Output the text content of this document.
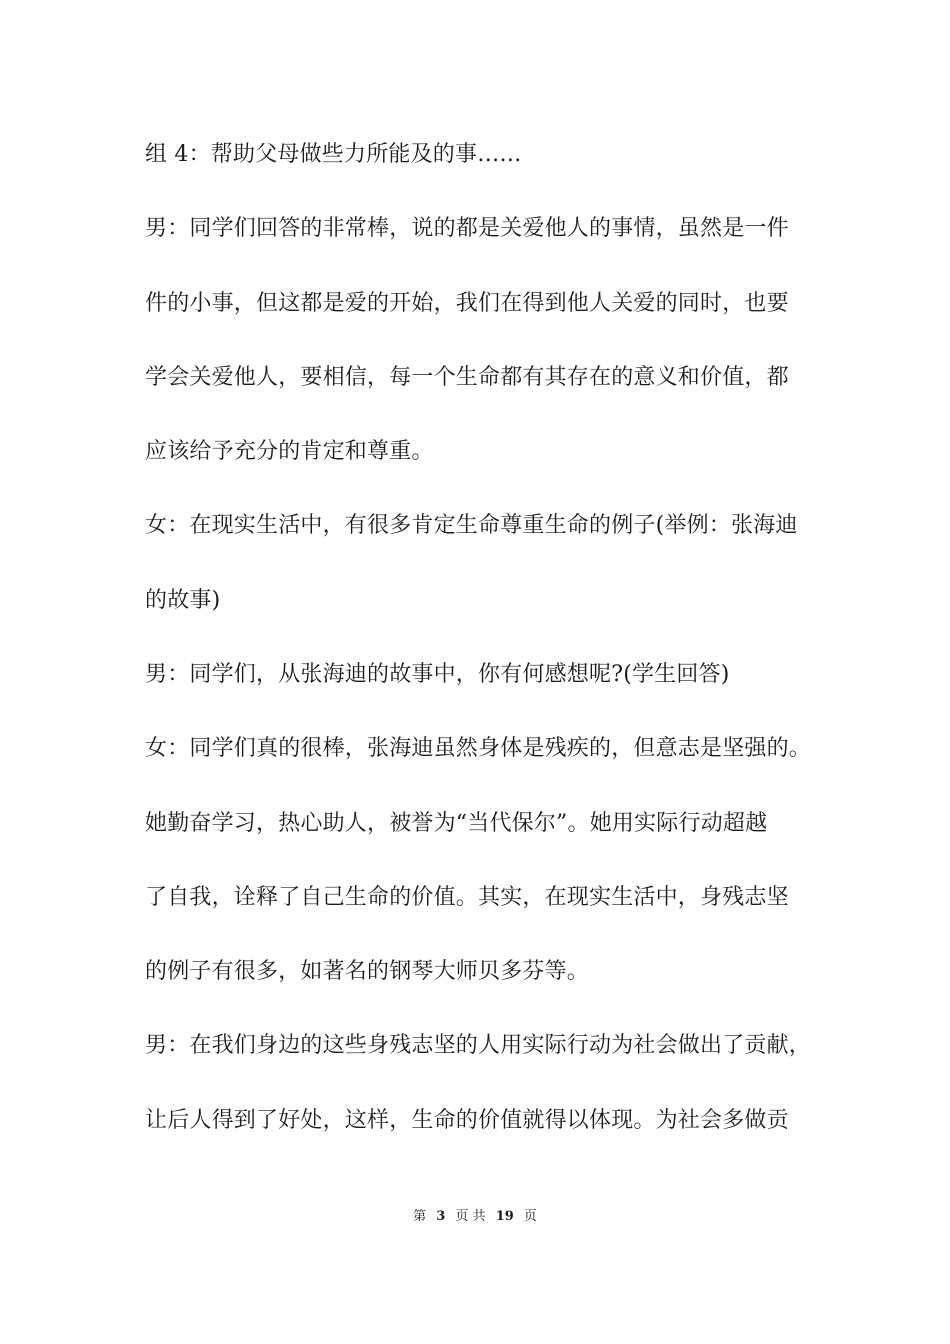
组 4：帮助父母做些力所能及的事……
男：同学们回答的非常棒，说的都是关爱他人的事情，虽然是一件
件的小事，但这都是爱的开始，我们在得到他人关爱的同时，也要
学会关爱他人，要相信，每一个生命都有其存在的意义和价值，都
应该给予充分的肯定和尊重。
女：在现实生活中，有很多肯定生命尊重生命的例子(举例：张海迪
的故事)
男：同学们，从张海迪的故事中，你有何感想呢?(学生回答)
女：同学们真的很棒，张海迪虽然身体是残疾的，但意志是坚强的。
她勤奋学习，热心助人，被誉为“当代保尔”。她用实际行动超越
了自我，诠释了自己生命的价值。其实，在现实生活中，身残志坚
的例子有很多，如著名的钢琴大师贝多芬等。
男：在我们身边的这些身残志坚的人用实际行动为社会做出了贡献，
让后人得到了好处，这样，生命的价值就得以体现。为社会多做贡
第 3 页 共 19 页
